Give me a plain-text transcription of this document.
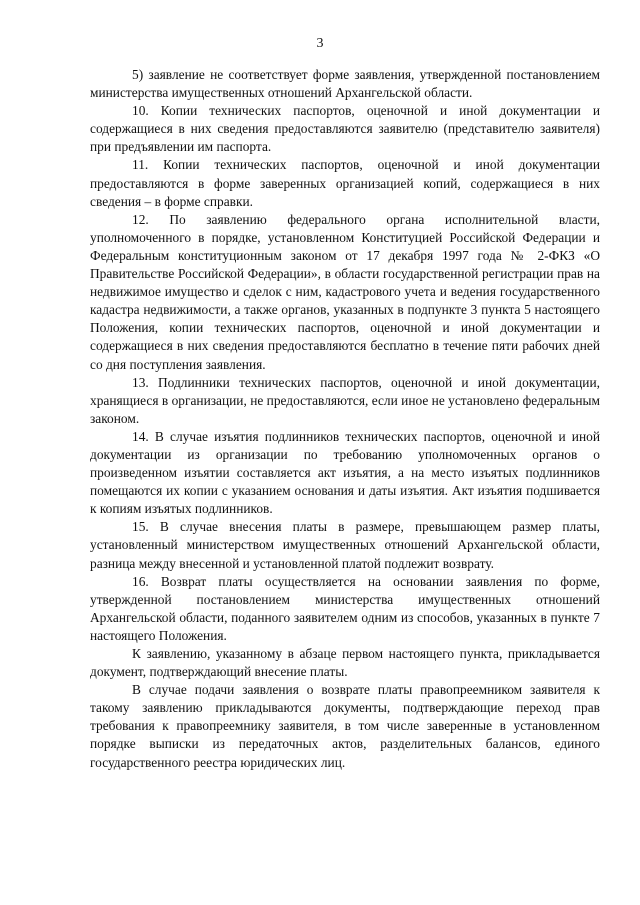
3

5) заявление не соответствует форме заявления, утвержденной постановлением министерства имущественных отношений Архангельской области.

10. Копии технических паспортов, оценочной и иной документации и содержащиеся в них сведения предоставляются заявителю (представителю заявителя) при предъявлении им паспорта.

11. Копии технических паспортов, оценочной и иной документации предоставляются в форме заверенных организацией копий, содержащиеся в них сведения – в форме справки.

12. По заявлению федерального органа исполнительной власти, уполномоченного в порядке, установленном Конституцией Российской Федерации и Федеральным конституционным законом от 17 декабря 1997 года № 2-ФКЗ «О Правительстве Российской Федерации», в области государственной регистрации прав на недвижимое имущество и сделок с ним, кадастрового учета и ведения государственного кадастра недвижимости, а также органов, указанных в подпункте 3 пункта 5 настоящего Положения, копии технических паспортов, оценочной и иной документации и содержащиеся в них сведения предоставляются бесплатно в течение пяти рабочих дней со дня поступления заявления.

13. Подлинники технических паспортов, оценочной и иной документации, хранящиеся в организации, не предоставляются, если иное не установлено федеральным законом.

14. В случае изъятия подлинников технических паспортов, оценочной и иной документации из организации по требованию уполномоченных органов о произведенном изъятии составляется акт изъятия, а на место изъятых подлинников помещаются их копии с указанием основания и даты изъятия. Акт изъятия подшивается к копиям изъятых подлинников.

15. В случае внесения платы в размере, превышающем размер платы, установленный министерством имущественных отношений Архангельской области, разница между внесенной и установленной платой подлежит возврату.

16. Возврат платы осуществляется на основании заявления по форме, утвержденной постановлением министерства имущественных отношений Архангельской области, поданного заявителем одним из способов, указанных в пункте 7 настоящего Положения.

К заявлению, указанному в абзаце первом настоящего пункта, прикладывается документ, подтверждающий внесение платы.

В случае подачи заявления о возврате платы правопреемником заявителя к такому заявлению прикладываются документы, подтверждающие переход прав требования к правопреемнику заявителя, в том числе заверенные в установленном порядке выписки из передаточных актов, разделительных балансов, единого государственного реестра юридических лиц.
